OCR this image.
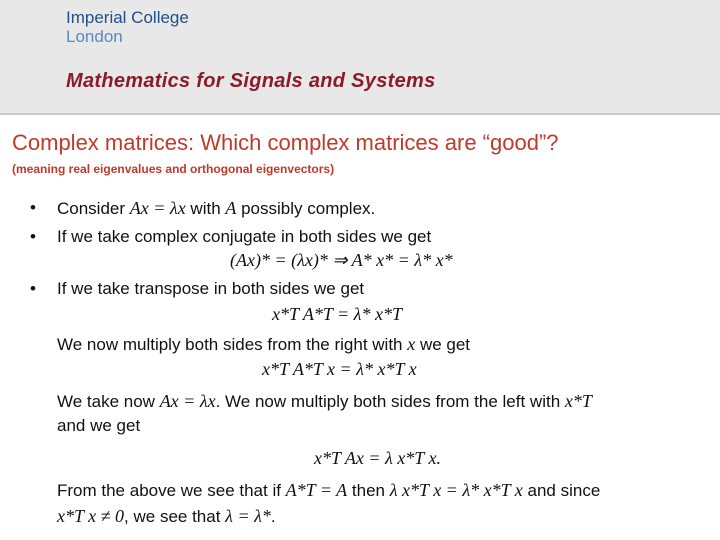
Imperial College
London
Mathematics for Signals and Systems
Complex matrices: Which complex matrices are “good”?
(meaning real eigenvalues and orthogonal eigenvectors)
• Consider Ax = λx with A possibly complex.
• If we take complex conjugate in both sides we get
(Ax)* = (λx)* ⇒ A* x* = λ* x*
• If we take transpose in both sides we get
x*T A*T = λ* x*T
We now multiply both sides from the right with x we get
x*T A*T x = λ* x*T x
We take now Ax = λx. We now multiply both sides from the left with x*T
and we get
x*T Ax = λ x*T x.
From the above we see that if A*T = A then λ x*T x = λ* x*T x and since
x*T x ≠ 0, we see that λ = λ*.
